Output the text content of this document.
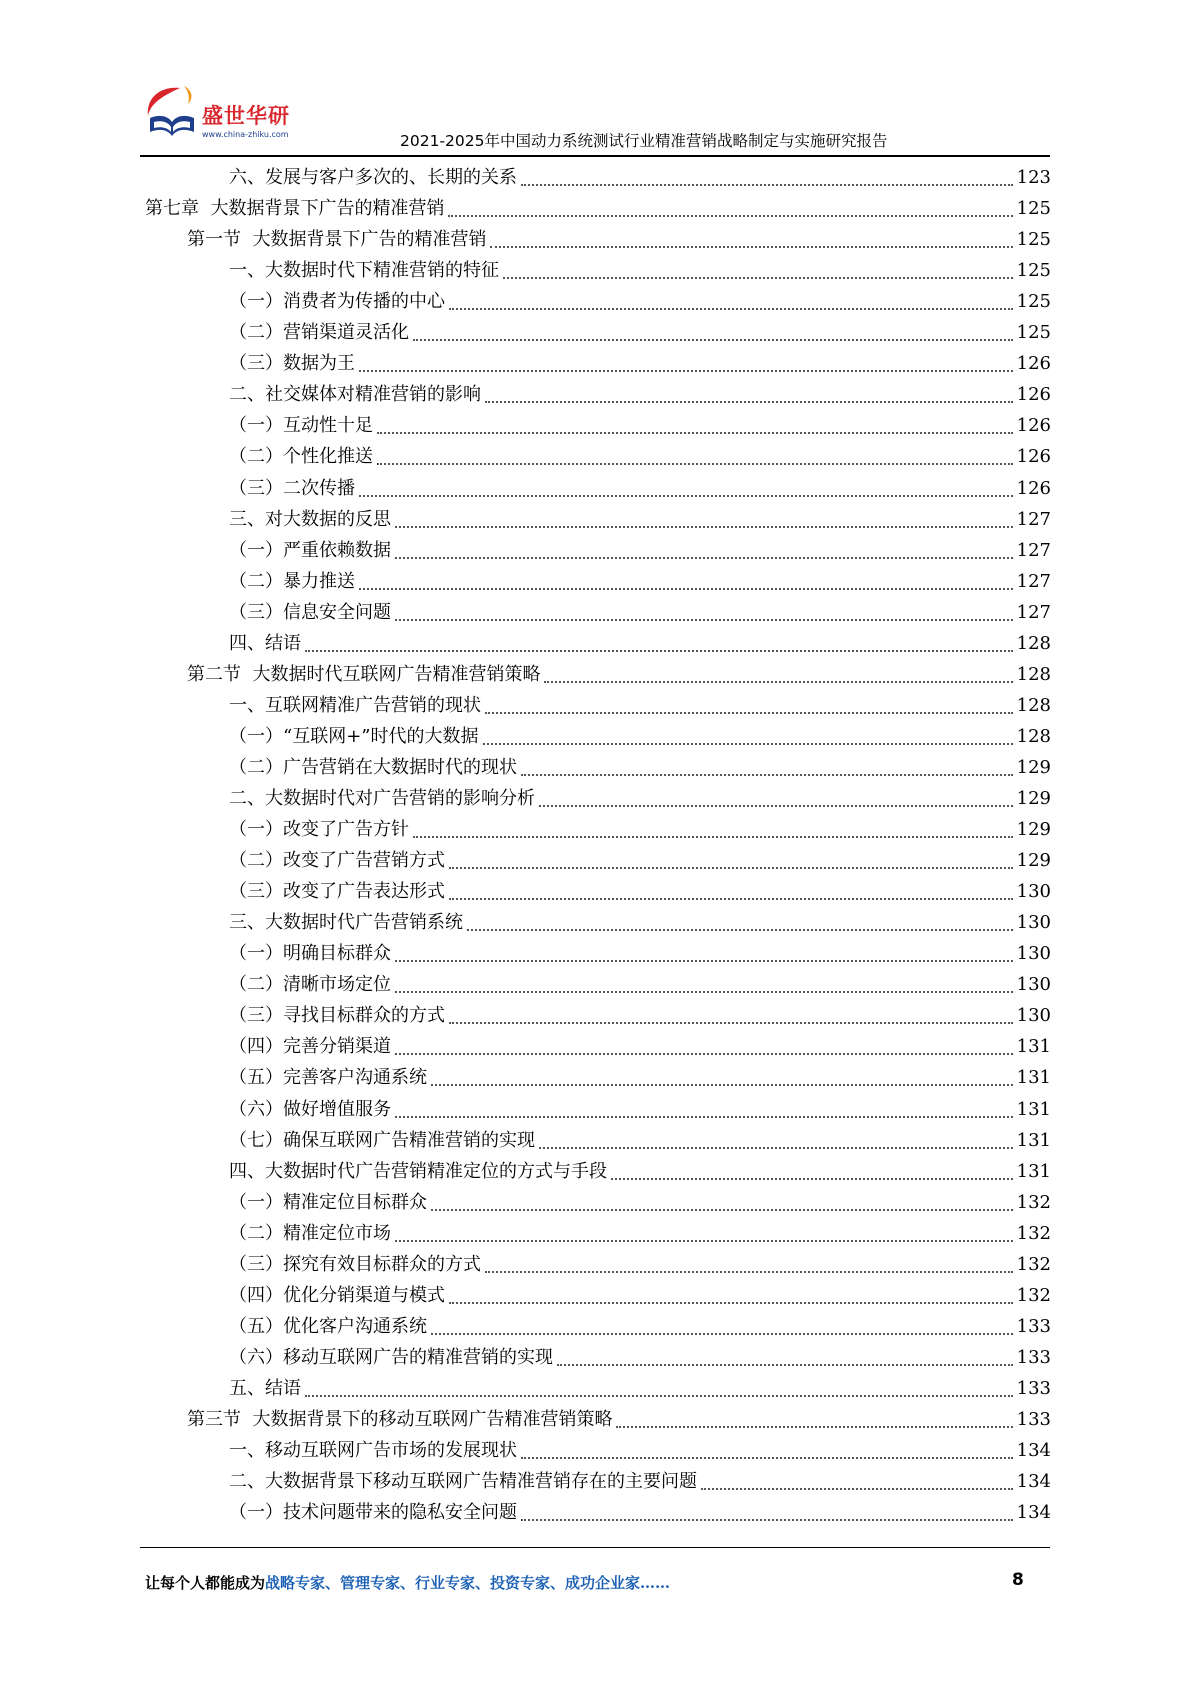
盛世华研
www.china-zhiku.com	2021-2025年中国动力系统测试行业精准营销战略制定与实施研究报告
六、发展与客户多次的、长期的关系	123
第七章  大数据背景下广告的精准营销	125
第一节  大数据背景下广告的精准营销	125
一、大数据时代下精准营销的特征	125
（一）消费者为传播的中心	125
（二）营销渠道灵活化	125
（三）数据为王	126
二、社交媒体对精准营销的影响	126
（一）互动性十足	126
（二）个性化推送	126
（三）二次传播	126
三、对大数据的反思	127
（一）严重依赖数据	127
（二）暴力推送	127
（三）信息安全问题	127
四、结语	128
第二节  大数据时代互联网广告精准营销策略	128
一、互联网精准广告营销的现状	128
（一）“互联网+”时代的大数据	128
（二）广告营销在大数据时代的现状	129
二、大数据时代对广告营销的影响分析	129
（一）改变了广告方针	129
（二）改变了广告营销方式	129
（三）改变了广告表达形式	130
三、大数据时代广告营销系统	130
（一）明确目标群众	130
（二）清晰市场定位	130
（三）寻找目标群众的方式	130
（四）完善分销渠道	131
（五）完善客户沟通系统	131
（六）做好增值服务	131
（七）确保互联网广告精准营销的实现	131
四、大数据时代广告营销精准定位的方式与手段	131
（一）精准定位目标群众	132
（二）精准定位市场	132
（三）探究有效目标群众的方式	132
（四）优化分销渠道与模式	132
（五）优化客户沟通系统	133
（六）移动互联网广告的精准营销的实现	133
五、结语	133
第三节  大数据背景下的移动互联网广告精准营销策略	133
一、移动互联网广告市场的发展现状	134
二、大数据背景下移动互联网广告精准营销存在的主要问题	134
（一）技术问题带来的隐私安全问题	134
让每个人都能成为战略专家、管理专家、行业专家、投资专家、成功企业家……	8
